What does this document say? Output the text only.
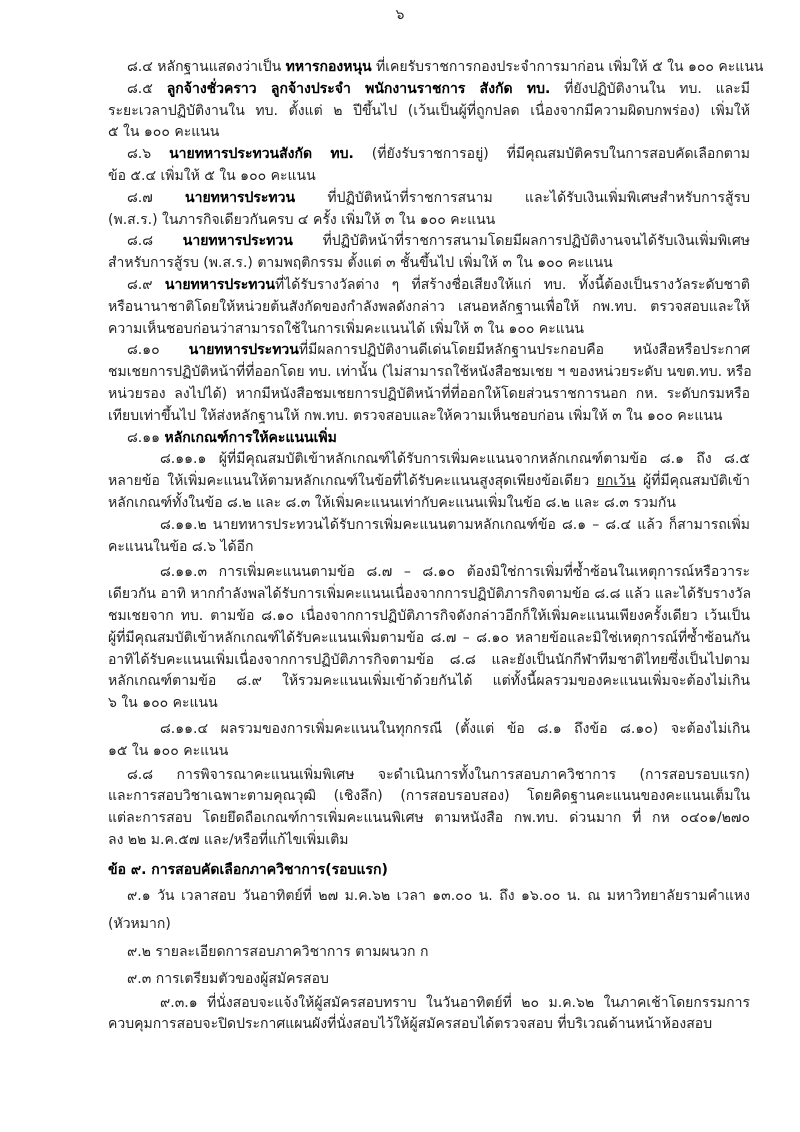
๖
๘.๔ หลักฐานแสดงว่าเป็น ทหารกองหนุน ที่เคยรับราชการกองประจำการมาก่อน เพิ่มให้ ๕ ใน ๑๐๐ คะแนน
๘.๕ ลูกจ้างชั่วคราว ลูกจ้างประจำ พนักงานราชการ สังกัด ทบ. ที่ยังปฏิบัติงานใน ทบ. และมี
ระยะเวลาปฏิบัติงานใน ทบ. ตั้งแต่ ๒ ปีขึ้นไป (เว้นเป็นผู้ที่ถูกปลด เนื่องจากมีความผิดบกพร่อง) เพิ่มให้
๕ ใน ๑๐๐ คะแนน
๘.๖ นายทหารประทวนสังกัด ทบ. (ที่ยังรับราชการอยู่) ที่มีคุณสมบัติครบในการสอบคัดเลือกตาม
ข้อ ๕.๔ เพิ่มให้ ๕ ใน ๑๐๐ คะแนน
๘.๗ นายทหารประทวน ที่ปฏิบัติหน้าที่ราชการสนาม และได้รับเงินเพิ่มพิเศษสำหรับการสู้รบ
(พ.ส.ร.) ในภารกิจเดียวกันครบ ๔ ครั้ง เพิ่มให้ ๓ ใน ๑๐๐ คะแนน
๘.๘ นายทหารประทวน ที่ปฏิบัติหน้าที่ราชการสนามโดยมีผลการปฏิบัติงานจนได้รับเงินเพิ่มพิเศษ
สำหรับการสู้รบ (พ.ส.ร.) ตามพฤติกรรม ตั้งแต่ ๓ ชั้นขึ้นไป เพิ่มให้ ๓ ใน ๑๐๐ คะแนน
๘.๙ นายทหารประทวนที่ได้รับรางวัลต่าง ๆ ที่สร้างชื่อเสียงให้แก่ ทบ. ทั้งนี้ต้องเป็นรางวัลระดับชาติ
หรือนานาชาติโดยให้หน่วยต้นสังกัดของกำลังพลดังกล่าว เสนอหลักฐานเพื่อให้ กพ.ทบ. ตรวจสอบและให้
ความเห็นชอบก่อนว่าสามารถใช้ในการเพิ่มคะแนนได้ เพิ่มให้ ๓ ใน ๑๐๐ คะแนน
๘.๑๐ นายทหารประทวนที่มีผลการปฏิบัติงานดีเด่นโดยมีหลักฐานประกอบคือ หนังสือหรือประกาศ
ชมเชยการปฏิบัติหน้าที่ที่ออกโดย ทบ. เท่านั้น (ไม่สามารถใช้หนังสือชมเชย ฯ ของหน่วยระดับ นขต.ทบ. หรือ
หน่วยรอง ลงไปได้) หากมีหนังสือชมเชยการปฏิบัติหน้าที่ที่ออกให้โดยส่วนราชการนอก กห. ระดับกรมหรือ
เทียบเท่าขึ้นไป ให้ส่งหลักฐานให้ กพ.ทบ. ตรวจสอบและให้ความเห็นชอบก่อน เพิ่มให้ ๓ ใน ๑๐๐ คะแนน
๘.๑๑ หลักเกณฑ์การให้คะแนนเพิ่ม
๘.๑๑.๑ ผู้ที่มีคุณสมบัติเข้าหลักเกณฑ์ได้รับการเพิ่มคะแนนจากหลักเกณฑ์ตามข้อ ๘.๑ ถึง ๘.๕
หลายข้อ ให้เพิ่มคะแนนให้ตามหลักเกณฑ์ในข้อที่ได้รับคะแนนสูงสุดเพียงข้อเดียว ยกเว้น ผู้ที่มีคุณสมบัติเข้า
หลักเกณฑ์ทั้งในข้อ ๘.๒ และ ๘.๓ ให้เพิ่มคะแนนเท่ากับคะแนนเพิ่มในข้อ ๘.๒ และ ๘.๓ รวมกัน
๘.๑๑.๒ นายทหารประทวนได้รับการเพิ่มคะแนนตามหลักเกณฑ์ข้อ ๘.๑ – ๘.๔ แล้ว ก็สามารถเพิ่ม
คะแนนในข้อ ๘.๖ ได้อีก
๘.๑๑.๓ การเพิ่มคะแนนตามข้อ ๘.๗ – ๘.๑๐ ต้องมิใช่การเพิ่มที่ซ้ำซ้อนในเหตุการณ์หรือวาระ
เดียวกัน อาทิ หากกำลังพลได้รับการเพิ่มคะแนนเนื่องจากการปฏิบัติภารกิจตามข้อ ๘.๘ แล้ว และได้รับรางวัล
ชมเชยจาก ทบ. ตามข้อ ๘.๑๐ เนื่องจากการปฏิบัติภารกิจดังกล่าวอีกก็ให้เพิ่มคะแนนเพียงครั้งเดียว เว้นเป็น
ผู้ที่มีคุณสมบัติเข้าหลักเกณฑ์ได้รับคะแนนเพิ่มตามข้อ ๘.๗ – ๘.๑๐ หลายข้อและมิใช่เหตุการณ์ที่ซ้ำซ้อนกัน
อาทิได้รับคะแนนเพิ่มเนื่องจากการปฏิบัติภารกิจตามข้อ ๘.๘ และยังเป็นนักกีฬาทีมชาติไทยซึ่งเป็นไปตาม
หลักเกณฑ์ตามข้อ ๘.๙ ให้รวมคะแนนเพิ่มเข้าด้วยกันได้ แต่ทั้งนี้ผลรวมของคะแนนเพิ่มจะต้องไม่เกิน
๖ ใน ๑๐๐ คะแนน
๘.๑๑.๔ ผลรวมของการเพิ่มคะแนนในทุกกรณี (ตั้งแต่ ข้อ ๘.๑ ถึงข้อ ๘.๑๐) จะต้องไม่เกิน
๑๕ ใน ๑๐๐ คะแนน
๘.๘ การพิจารณาคะแนนเพิ่มพิเศษ จะดำเนินการทั้งในการสอบภาควิชาการ (การสอบรอบแรก)
และการสอบวิชาเฉพาะตามคุณวุฒิ (เชิงลึก) (การสอบรอบสอง) โดยคิดฐานคะแนนของคะแนนเต็มใน
แต่ละการสอบ โดยยึดถือเกณฑ์การเพิ่มคะแนนพิเศษ ตามหนังสือ กพ.ทบ. ด่วนมาก ที่ กห ๐๔๐๑/๒๗๐
ลง ๒๒ ม.ค.๕๗ และ/หรือที่แก้ไขเพิ่มเติม
ข้อ ๙. การสอบคัดเลือกภาควิชาการ(รอบแรก)
๙.๑ วัน เวลาสอบ วันอาทิตย์ที่ ๒๗ ม.ค.๖๒ เวลา ๑๓.๐๐ น. ถึง ๑๖.๐๐ น. ณ มหาวิทยาลัยรามคำแหง
(หัวหมาก)
๙.๒ รายละเอียดการสอบภาควิชาการ ตามผนวก ก
๙.๓ การเตรียมตัวของผู้สมัครสอบ
๙.๓.๑ ที่นั่งสอบจะแจ้งให้ผู้สมัครสอบทราบ ในวันอาทิตย์ที่ ๒๐ ม.ค.๖๒ ในภาคเช้าโดยกรรมการ
ควบคุมการสอบจะปิดประกาศแผนผังที่นั่งสอบไว้ให้ผู้สมัครสอบได้ตรวจสอบ ที่บริเวณด้านหน้าห้องสอบ
